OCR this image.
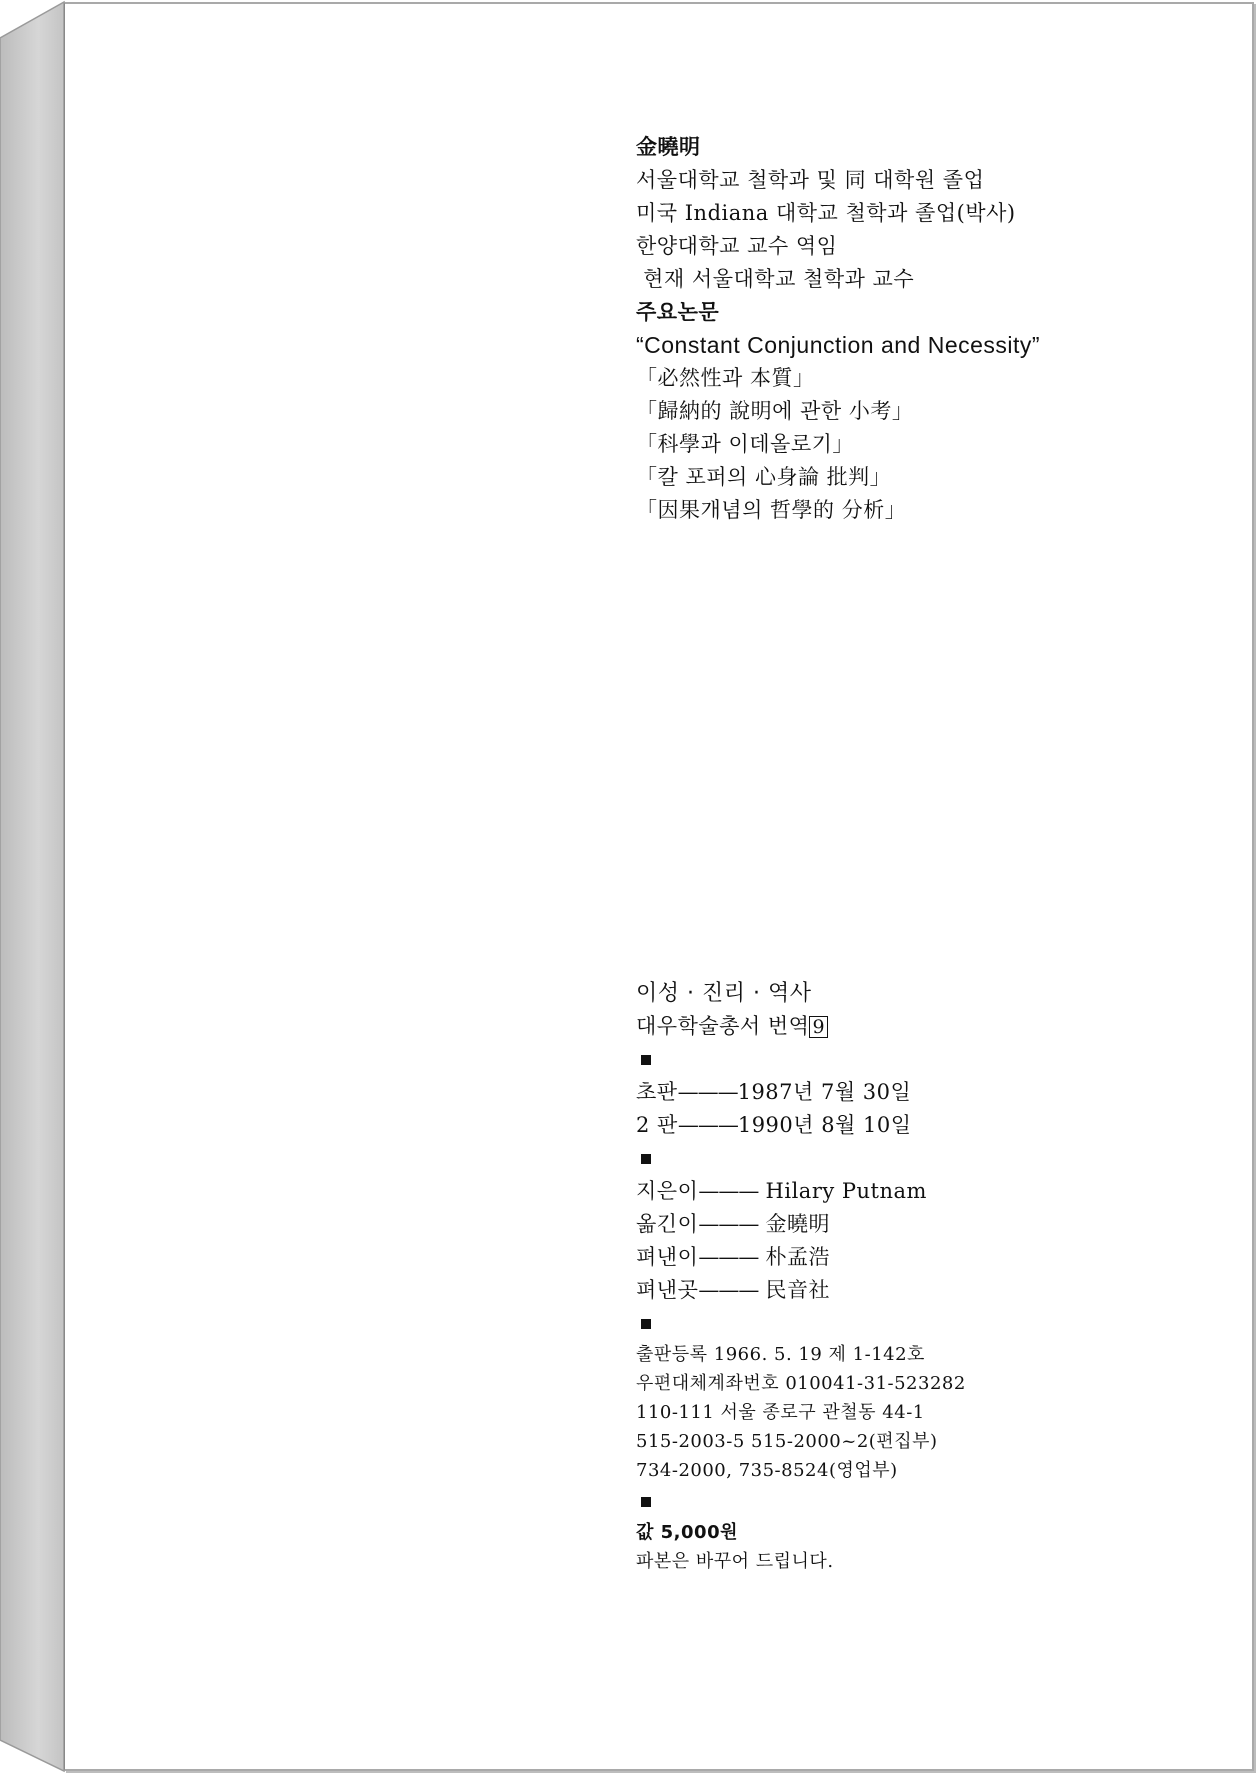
金曉明
서울대학교 철학과 및 同 대학원 졸업
미국 Indiana 대학교 철학과 졸업(박사)
한양대학교 교수 역임
현재 서울대학교 철학과 교수
주요논문
“Constant Conjunction and Necessity”
「必然性과 本質」
「歸納的 說明에 관한 小考」
「科學과 이데올로기」
「칼 포퍼의 心身論 批判」
「因果개념의 哲學的 分析」
이성 · 진리 · 역사
대우학술총서 번역 9
초판———1987년 7월 30일
2 판———1990년 8월 10일
지은이——— Hilary Putnam
옮긴이——— 金曉明
펴낸이——— 朴孟浩
펴낸곳——— 民音社
출판등록 1966. 5. 19 제 1-142호
우편대체계좌번호 010041-31-523282
110-111 서울 종로구 관철동 44-1
515-2003-5 515-2000~2(편집부)
734-2000, 735-8524(영업부)
값 5,000원
파본은 바꾸어 드립니다.
